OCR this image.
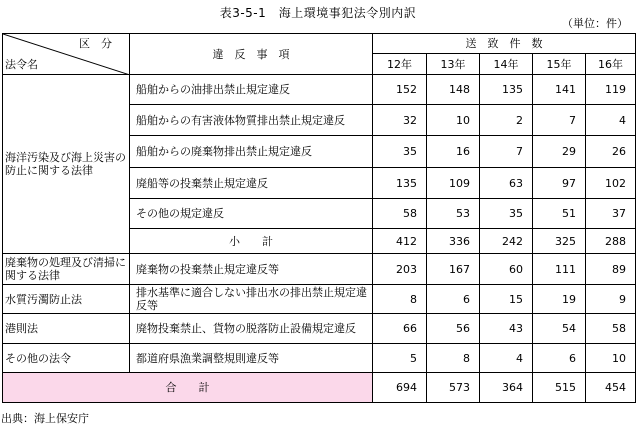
表3-5-1　海上環境事犯法令別内訳
（単位：件）
区　分
法令名	違　反　事　項	送　致　件　数				
		12年	13年	14年	15年	16年
海洋汚染及び海上災害の防止に関する法律	船舶からの油排出禁止規定違反	152	148	135	141	119
	船舶からの有害液体物質排出禁止規定違反	32	10	2	7	4
	船舶からの廃棄物排出禁止規定違反	35	16	7	29	26
	廃船等の投棄禁止規定違反	135	109	63	97	102
	その他の規定違反	58	53	35	51	37
	小　　計	412	336	242	325	288
廃棄物の処理及び清掃に関する法律	廃棄物の投棄禁止規定違反等	203	167	60	111	89
水質汚濁防止法	排水基準に適合しない排出水の排出禁止規定違反等	8	6	15	19	9
港則法	廃物投棄禁止、貨物の脱落防止設備規定違反	66	56	43	54	58
その他の法令	都道府県漁業調整規則違反等	5	8	4	6	10
合　　計		694	573	364	515	454
出典：海上保安庁
